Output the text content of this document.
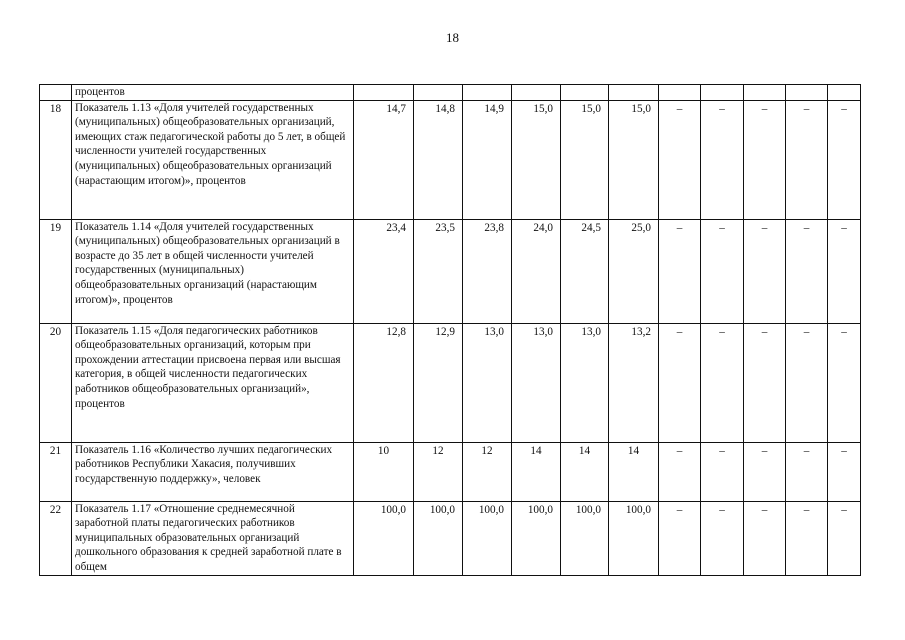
18
	процентов											
18	Показатель 1.13 «Доля учителей государственных (муниципальных) общеобразовательных организаций, имеющих стаж педагогической работы до 5 лет, в общей численности учителей государственных (муниципальных) общеобразовательных организаций (нарастающим итогом)», процентов	14,7	14,8	14,9	15,0	15,0	15,0	–	–	–	–	–
19	Показатель 1.14 «Доля учителей государственных (муниципальных) общеобразовательных организаций в возрасте до 35 лет в общей численности учителей государственных (муниципальных) общеобразовательных организаций (нарастающим итогом)», процентов	23,4	23,5	23,8	24,0	24,5	25,0	–	–	–	–	–
20	Показатель 1.15 «Доля педагогических работников общеобразовательных организаций, которым при прохождении аттестации присвоена первая или высшая категория, в общей численности педагогических работников общеобразовательных организаций», процентов	12,8	12,9	13,0	13,0	13,0	13,2	–	–	–	–	–
21	Показатель 1.16 «Количество лучших педагогических работников Республики Хакасия, получивших государственную поддержку», человек	10	12	12	14	14	14	–	–	–	–	–
22	Показатель 1.17 «Отношение среднемесячной заработной платы педагогических работников муниципальных образовательных организаций дошкольного образования к средней заработной плате в общем	100,0	100,0	100,0	100,0	100,0	100,0	–	–	–	–	–
